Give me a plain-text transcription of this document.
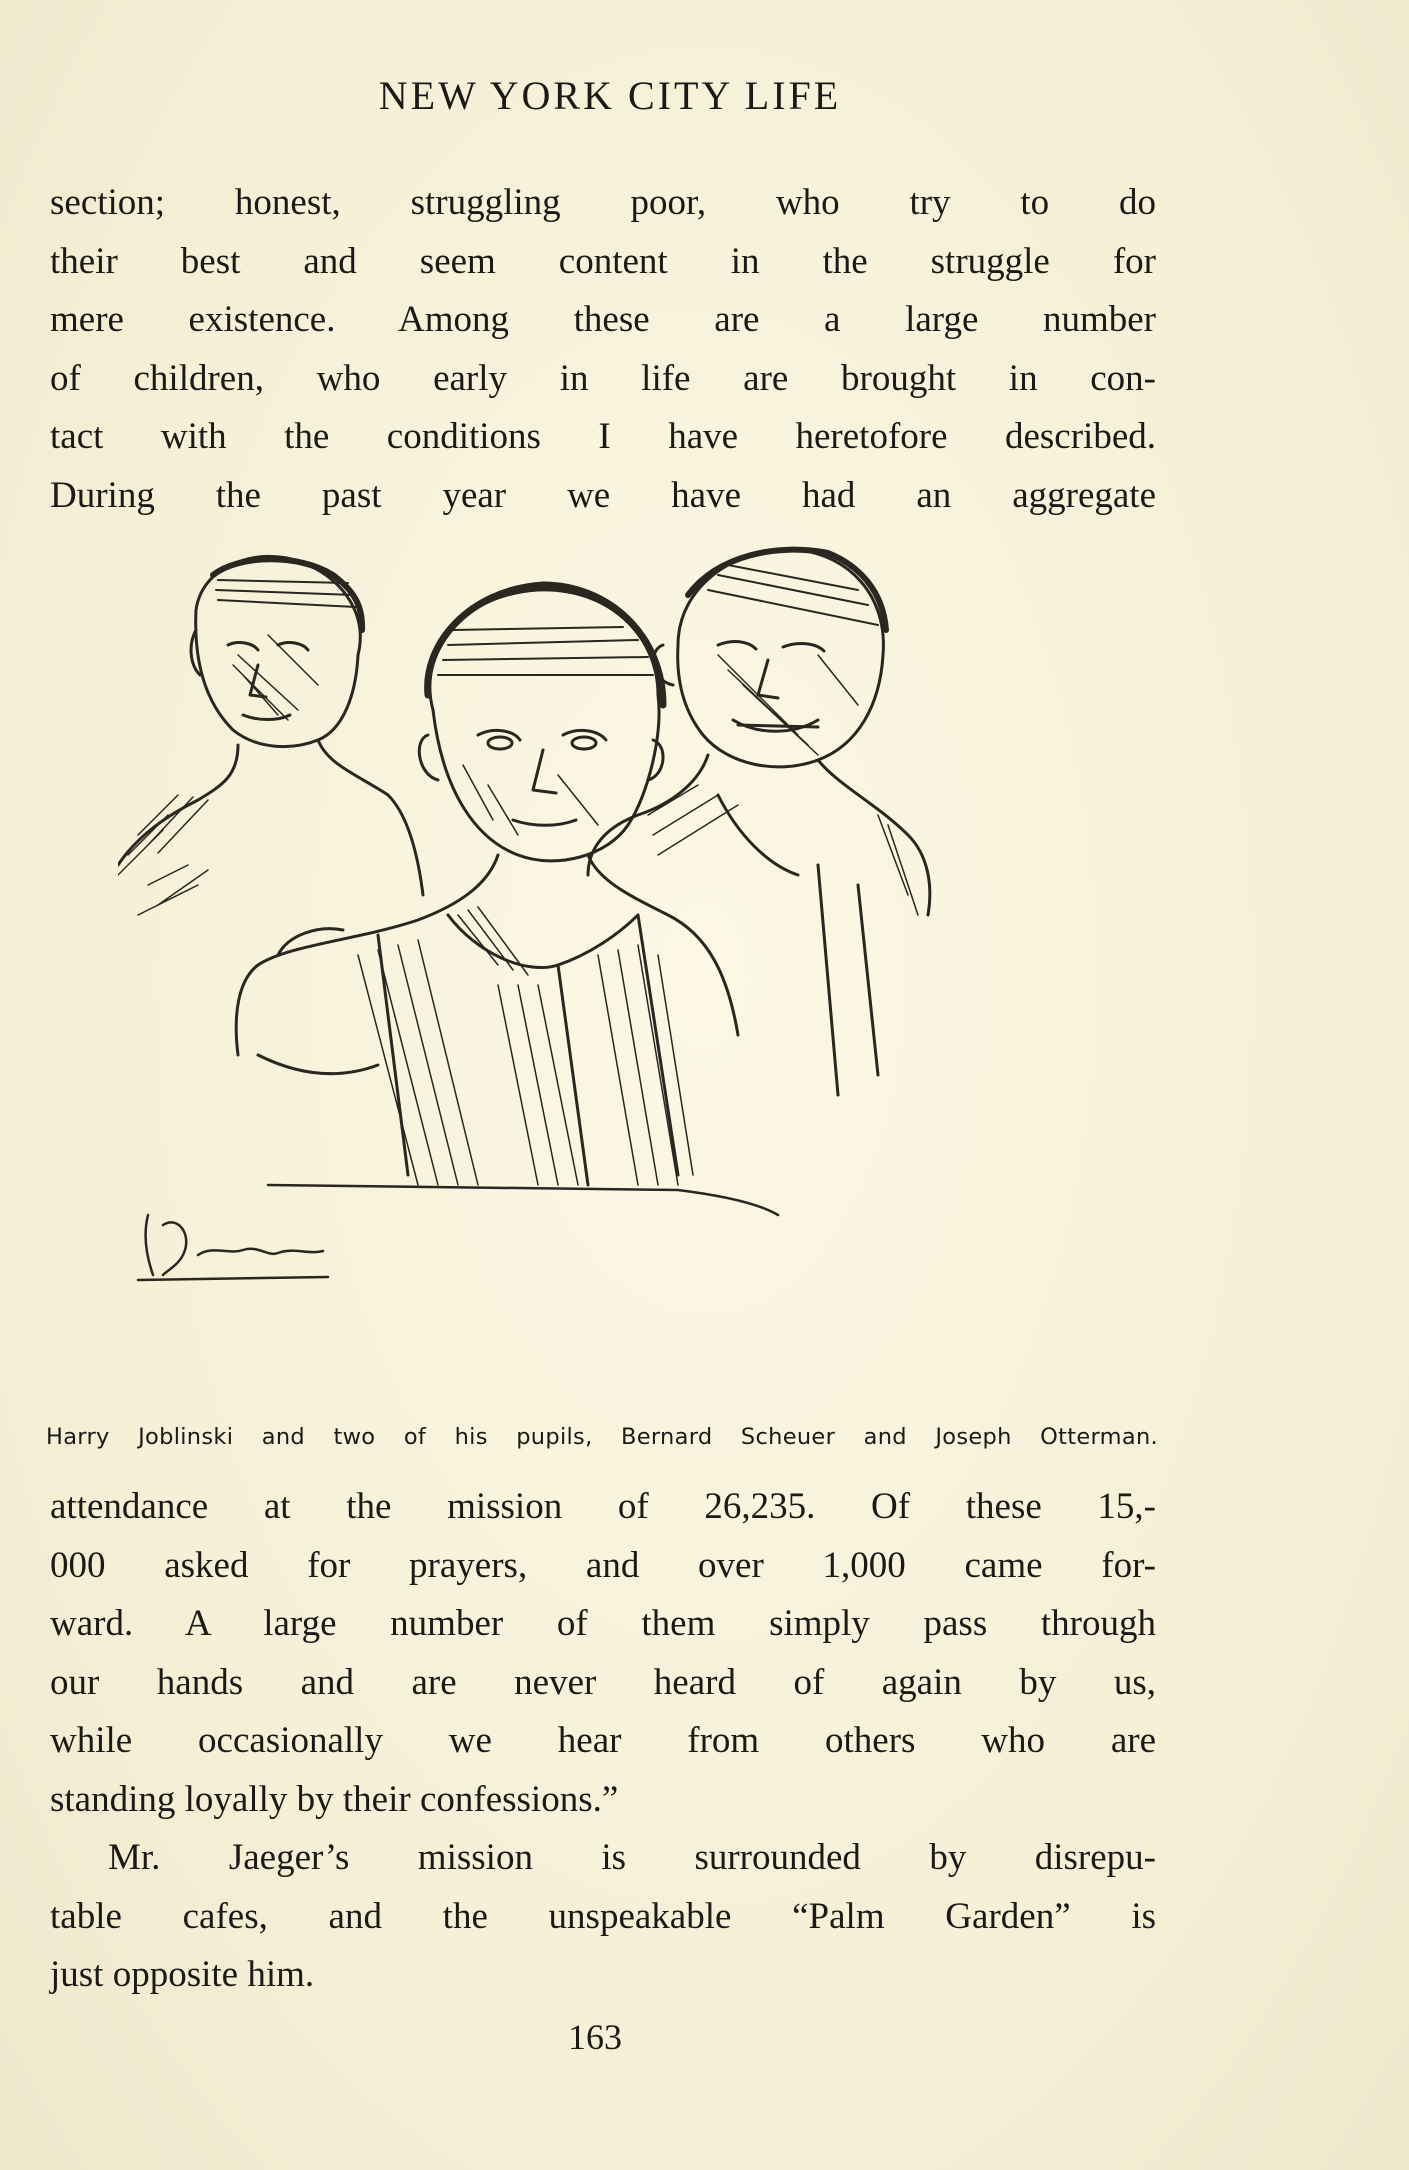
NEW YORK CITY LIFE
section; honest, struggling poor, who try to do
their best and seem content in the struggle for
mere existence. Among these are a large number
of children, who early in life are brought in con-
tact with the conditions I have heretofore described.
During the past year we have had an aggregate
Harry Joblinski and two of his pupils, Bernard Scheuer and Joseph Otterman.
attendance at the mission of 26,235. Of these 15,-
000 asked for prayers, and over 1,000 came for-
ward. A large number of them simply pass through
our hands and are never heard of again by us,
while occasionally we hear from others who are
standing loyally by their confessions.”
Mr. Jaeger’s mission is surrounded by disrepu-
table cafes, and the unspeakable “Palm Garden” is
just opposite him.
163
